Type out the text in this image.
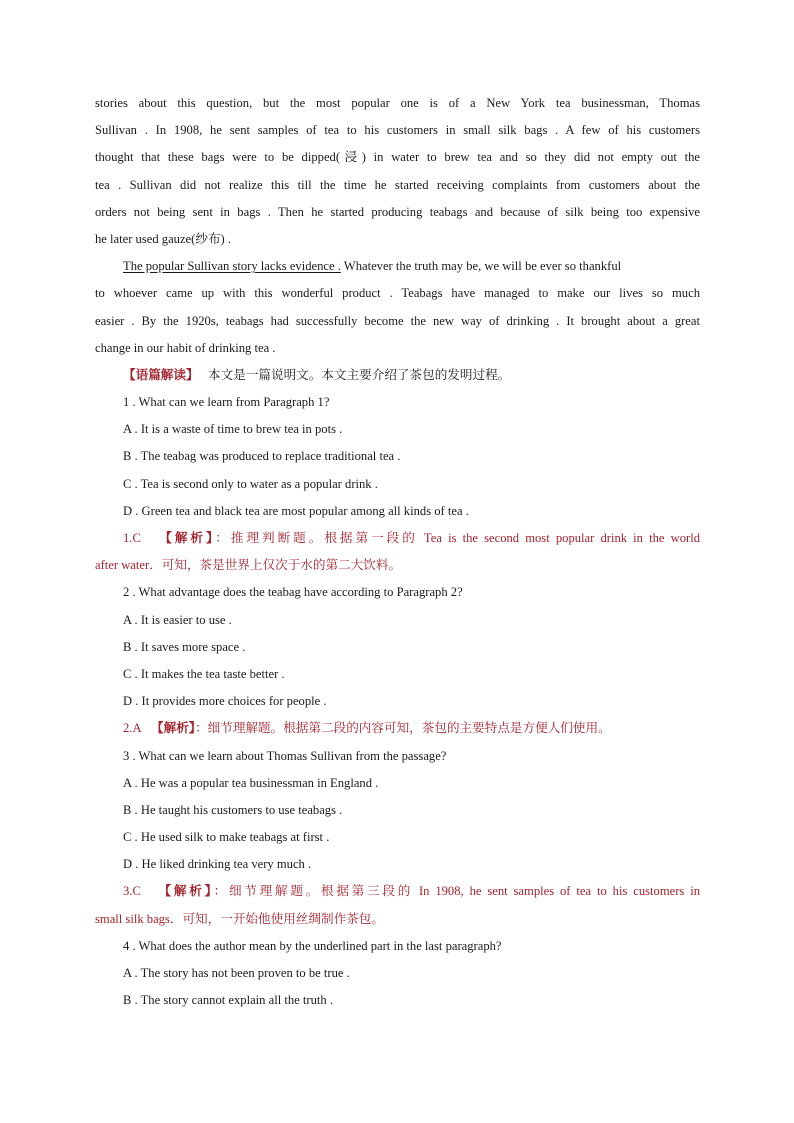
stories about this question, but the most popular one is of a New York tea businessman, Thomas
Sullivan . In 1908, he sent samples of tea to his customers in small silk bags . A few of his customers
thought that these bags were to be dipped(浸) in water to brew tea and so they did not empty out the
tea . Sullivan did not realize this till the time he started receiving complaints from customers about the
orders not being sent in bags . Then he started producing teabags and because of silk being too expensive
he later used gauze(纱布) .
The popular Sullivan story lacks evidence . Whatever the truth may be, we will be ever so thankful
to whoever came up with this wonderful product . Teabags have managed to make our lives so much
easier . By the 1920s, teabags had successfully become the new way of drinking . It brought about a great
change in our habit of drinking tea .
【语篇解读】 本文是一篇说明文。本文主要介绍了茶包的发明过程。
1 . What can we learn from Paragraph 1?
A . It is a waste of time to brew tea in pots .
B . The teabag was produced to replace traditional tea .
C . Tea is second only to water as a popular drink .
D . Green tea and black tea are most popular among all kinds of tea .
1.C 【解析】：推理判断题。根据第一段的 Tea is the second most popular drink in the world
after water．可知，茶是世界上仅次于水的第二大饮料。
2 . What advantage does the teabag have according to Paragraph 2?
A . It is easier to use .
B . It saves more space .
C . It makes the tea taste better .
D . It provides more choices for people .
2.A 【解析】：细节理解题。根据第二段的内容可知，茶包的主要特点是方便人们使用。
3 . What can we learn about Thomas Sullivan from the passage?
A . He was a popular tea businessman in England .
B . He taught his customers to use teabags .
C . He used silk to make teabags at first .
D . He liked drinking tea very much .
3.C 【解析】：细节理解题。根据第三段的 In 1908, he sent samples of tea to his customers in
small silk bags．可知，一开始他使用丝绸制作茶包。
4 . What does the author mean by the underlined part in the last paragraph?
A . The story has not been proven to be true .
B . The story cannot explain all the truth .
